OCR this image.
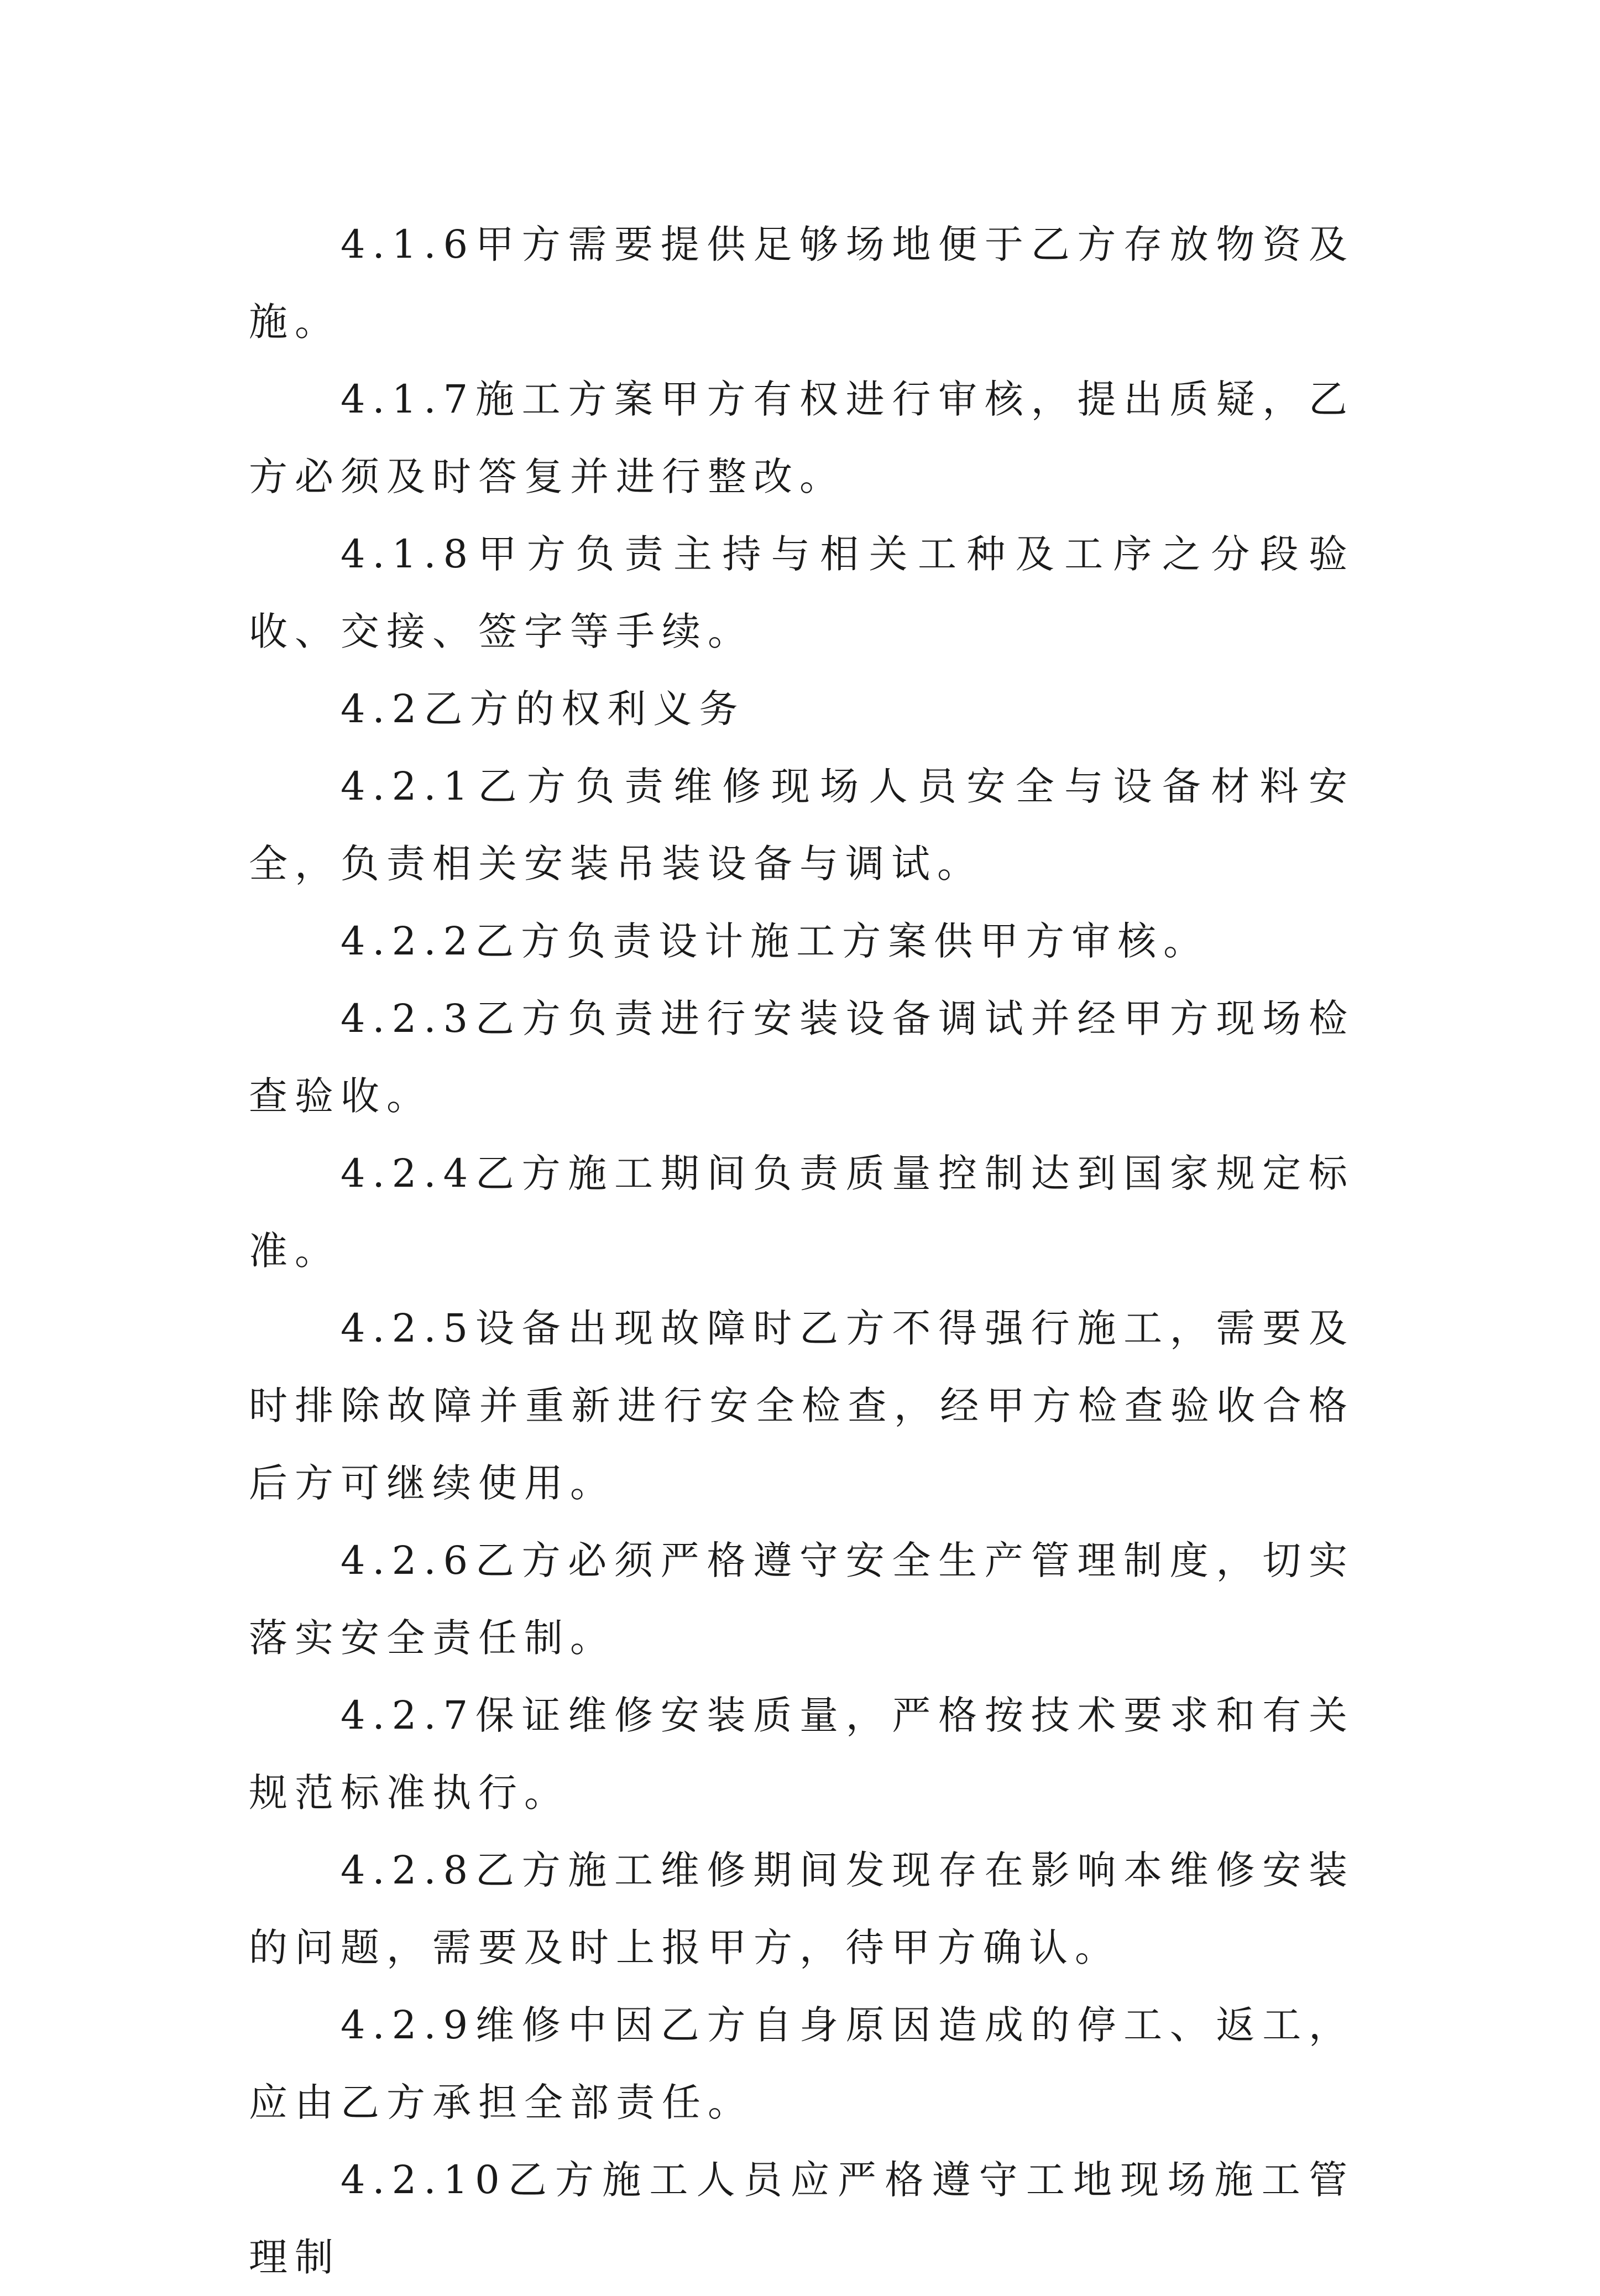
4.1.6甲方需要提供足够场地便于乙方存放物资及施。

4.1.7施工方案甲方有权进行审核，提出质疑，乙方必须及时答复并进行整改。

4.1.8甲方负责主持与相关工种及工序之分段验收、交接、签字等手续。

4.2乙方的权利义务

4.2.1乙方负责维修现场人员安全与设备材料安全，负责相关安装吊装设备与调试。

4.2.2乙方负责设计施工方案供甲方审核。

4.2.3乙方负责进行安装设备调试并经甲方现场检查验收。

4.2.4乙方施工期间负责质量控制达到国家规定标准。

4.2.5设备出现故障时乙方不得强行施工，需要及时排除故障并重新进行安全检查，经甲方检查验收合格后方可继续使用。

4.2.6乙方必须严格遵守安全生产管理制度，切实落实安全责任制。

4.2.7保证维修安装质量，严格按技术要求和有关规范标准执行。

4.2.8乙方施工维修期间发现存在影响本维修安装的问题，需要及时上报甲方，待甲方确认。

4.2.9维修中因乙方自身原因造成的停工、返工，应由乙方承担全部责任。

4.2.10乙方施工人员应严格遵守工地现场施工管理制
